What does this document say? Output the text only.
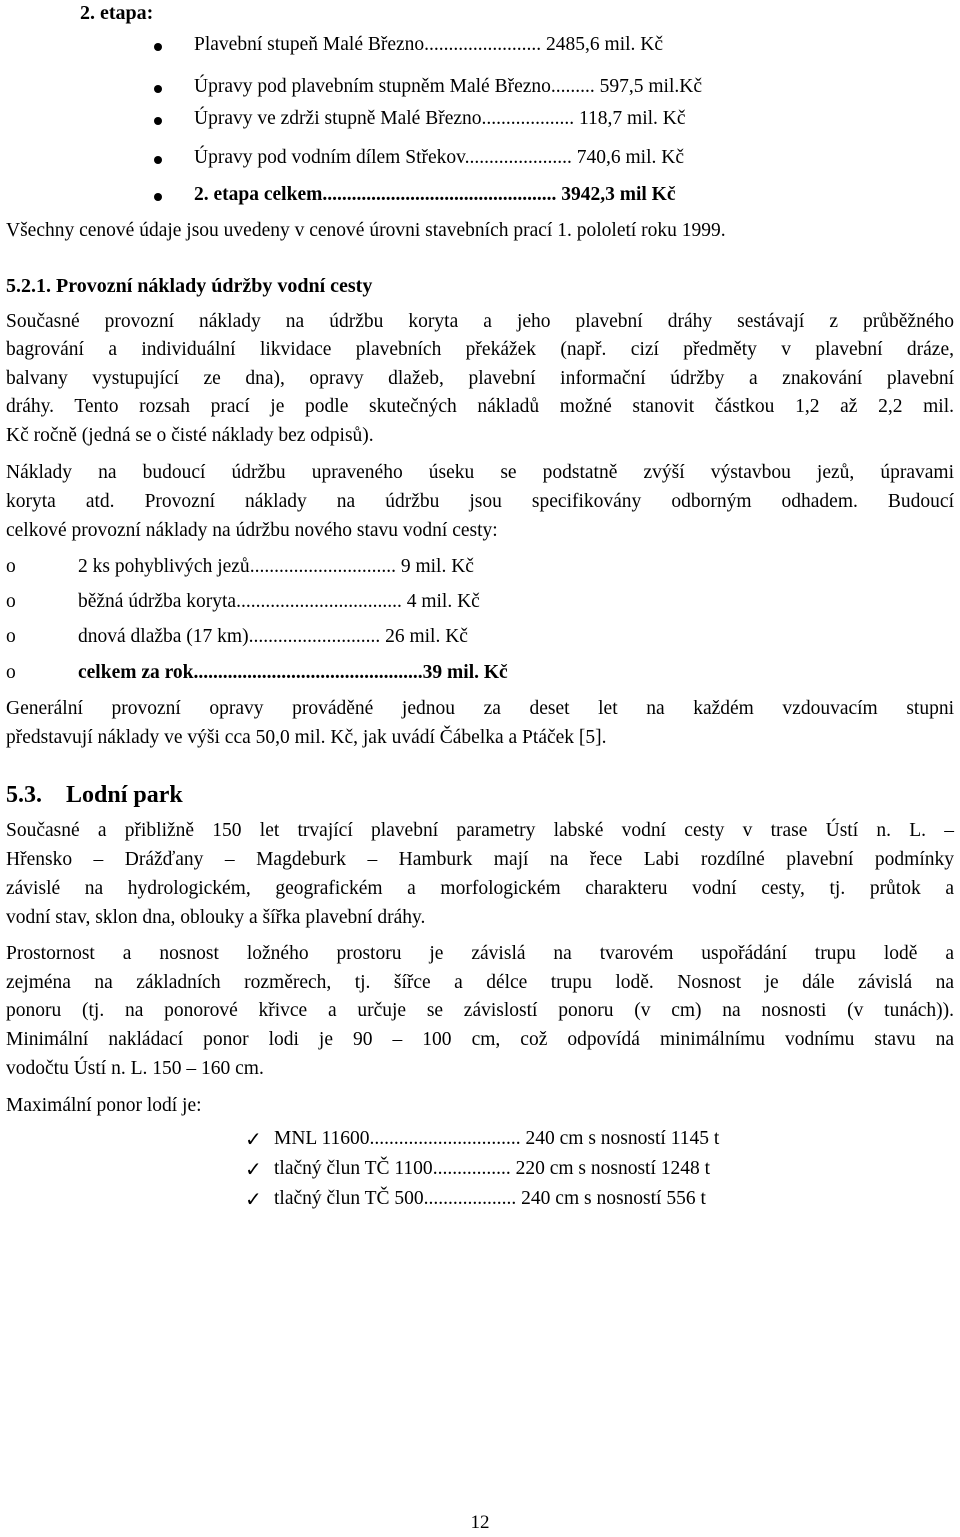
2. etapa:
Plavební stupeň Malé Březno........................ 2485,6 mil. Kč
Úpravy pod plavebním stupněm Malé Březno......... 597,5 mil.Kč
Úpravy ve zdrži stupně Malé Březno................... 118,7 mil. Kč
Úpravy pod vodním dílem Střekov...................... 740,6 mil. Kč
2. etapa celkem................................................ 3942,3 mil Kč
Všechny cenové údaje jsou uvedeny v cenové úrovni stavebních prací 1. pololetí roku 1999.
5.2.1. Provozní náklady údržby vodní cesty
Současné provozní náklady na údržbu koryta a jeho plavební dráhy sestávají z průběžného
bagrování a individuální likvidace plavebních překážek (např. cizí předměty v plavební dráze,
balvany vystupující ze dna), opravy dlažeb, plavební informační údržby a znakování plavební
dráhy. Tento rozsah prací je podle skutečných nákladů možné stanovit částkou 1,2 až 2,2 mil.
Kč ročně (jedná se o čisté náklady bez odpisů).
Náklady na budoucí údržbu upraveného úseku se podstatně zvýší výstavbou jezů, úpravami
koryta atd. Provozní náklady na údržbu jsou specifikovány odborným odhadem. Budoucí
celkové provozní náklady na údržbu nového stavu vodní cesty:
o	2 ks pohyblivých jezů.............................. 9 mil. Kč
o	běžná údržba koryta.................................. 4 mil. Kč
o	dnová dlažba (17 km)........................... 26 mil. Kč
o	celkem za rok...............................................39 mil. Kč
Generální provozní opravy prováděné jednou za deset let na každém vzdouvacím stupni
představují náklady ve výši cca 50,0 mil. Kč, jak uvádí Čábelka a Ptáček [5].
5.3. Lodní park
Současné a přibližně 150 let trvající plavební parametry labské vodní cesty v trase Ústí n. L. –
Hřensko – Drážďany – Magdeburk – Hamburk mají na řece Labi rozdílné plavební podmínky
závislé na hydrologickém, geografickém a morfologickém charakteru vodní cesty, tj. průtok a
vodní stav, sklon dna, oblouky a šířka plavební dráhy.
Prostornost a nosnost ložného prostoru je závislá na tvarovém uspořádání trupu lodě a
zejména na základních rozměrech, tj. šířce a délce trupu lodě. Nosnost je dále závislá na
ponoru (tj. na ponorové křivce a určuje se závislostí ponoru (v cm) na nosnosti (v tunách)).
Minimální nakládací ponor lodi je 90 – 100 cm, což odpovídá minimálnímu vodnímu stavu na
vodočtu Ústí n. L. 150 – 160 cm.
Maximální ponor lodí je:
✓ MNL 11600............................... 240 cm s nosností 1145 t
✓ tlačný člun TČ 1100................ 220 cm s nosností 1248 t
✓ tlačný člun TČ 500................... 240 cm s nosností 556 t
12
